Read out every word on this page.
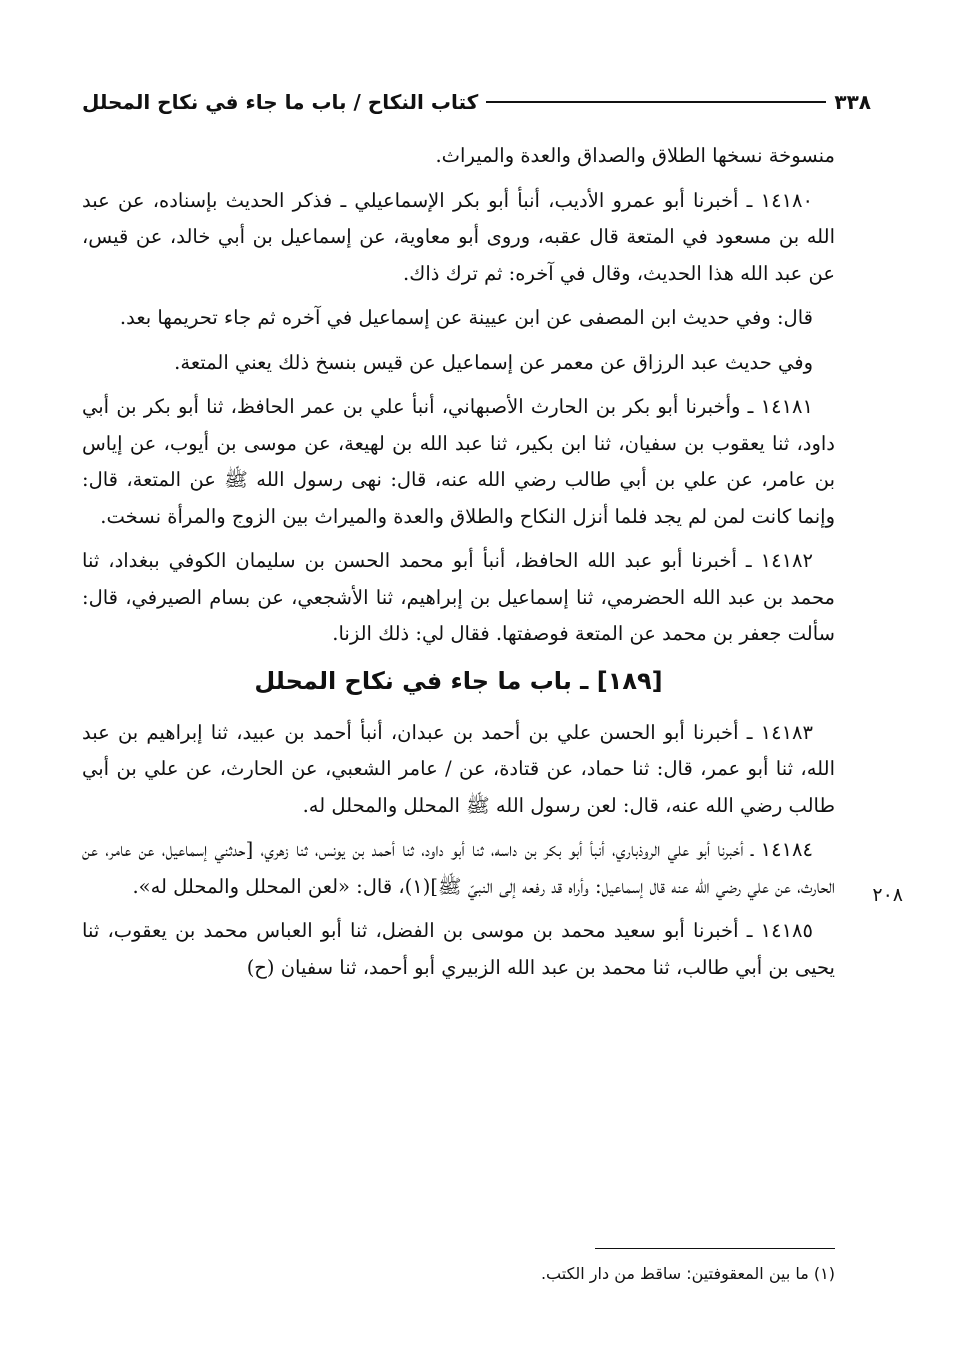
٣٣٨
كتاب النكاح / باب ما جاء في نكاح المحلل

منسوخة نسخها الطلاق والصداق والعدة والميراث.

١٤١٨٠ ـ أخبرنا أبو عمرو الأديب، أنبأ أبو بكر الإسماعيلي ـ فذكر الحديث بإسناده، عن عبد الله بن مسعود في المتعة قال عقبه، وروى أبو معاوية، عن إسماعيل بن أبي خالد، عن قيس، عن عبد الله هذا الحديث، وقال في آخره: ثم ترك ذاك.

قال: وفي حديث ابن المصفى عن ابن عيينة عن إسماعيل في آخره ثم جاء تحريمها بعد.

وفي حديث عبد الرزاق عن معمر عن إسماعيل عن قيس بنسخ ذلك يعني المتعة.

١٤١٨١ ـ وأخبرنا أبو بكر بن الحارث الأصبهاني، أنبأ علي بن عمر الحافظ، ثنا أبو بكر بن أبي داود، ثنا يعقوب بن سفيان، ثنا ابن بكير، ثنا عبد الله بن لهيعة، عن موسى بن أيوب، عن إياس بن عامر، عن علي بن أبي طالب رضي الله عنه، قال: نهى رسول الله ﷺ عن المتعة، قال: وإنما كانت لمن لم يجد فلما أنزل النكاح والطلاق والعدة والميراث بين الزوج والمرأة نسخت.

١٤١٨٢ ـ أخبرنا أبو عبد الله الحافظ، أنبأ أبو محمد الحسن بن سليمان الكوفي ببغداد، ثنا محمد بن عبد الله الحضرمي، ثنا إسماعيل بن إبراهيم، ثنا الأشجعي، عن بسام الصيرفي، قال: سألت جعفر بن محمد عن المتعة فوصفتها. فقال لي: ذلك الزنا.

[١٨٩] ـ باب ما جاء في نكاح المحلل

١٤١٨٣ ـ أخبرنا أبو الحسن علي بن أحمد بن عبدان، أنبأ أحمد بن عبيد، ثنا إبراهيم بن عبد الله، ثنا أبو عمر، قال: ثنا حماد، عن قتادة، عن / عامر الشعبي، عن الحارث، عن علي بن أبي طالب رضي الله عنه، قال: لعن رسول الله ﷺ المحلل والمحلل له.

١٤١٨٤ ـ أخبرنا أبو علي الروذباري، أنبأ أبو بكر بن داسه، ثنا أبو داود، ثنا أحمد بن يونس، ثنا زهري، [حدثني إسماعيل، عن عامر، عن الحارث، عن علي رضي الله عنه قال إسماعيل: وأراه قد رفعه إلى النبيّ ﷺ](١)، قال: «لعن المحلل والمحلل له».

١٤١٨٥ ـ أخبرنا أبو سعيد محمد بن موسى بن الفضل، ثنا أبو العباس محمد بن يعقوب، ثنا يحيى بن أبي طالب، ثنا محمد بن عبد الله الزبيري أبو أحمد، ثنا سفيان (ح)

٢٠٨
(١) ما بين المعقوفتين: ساقط من دار الكتب.
